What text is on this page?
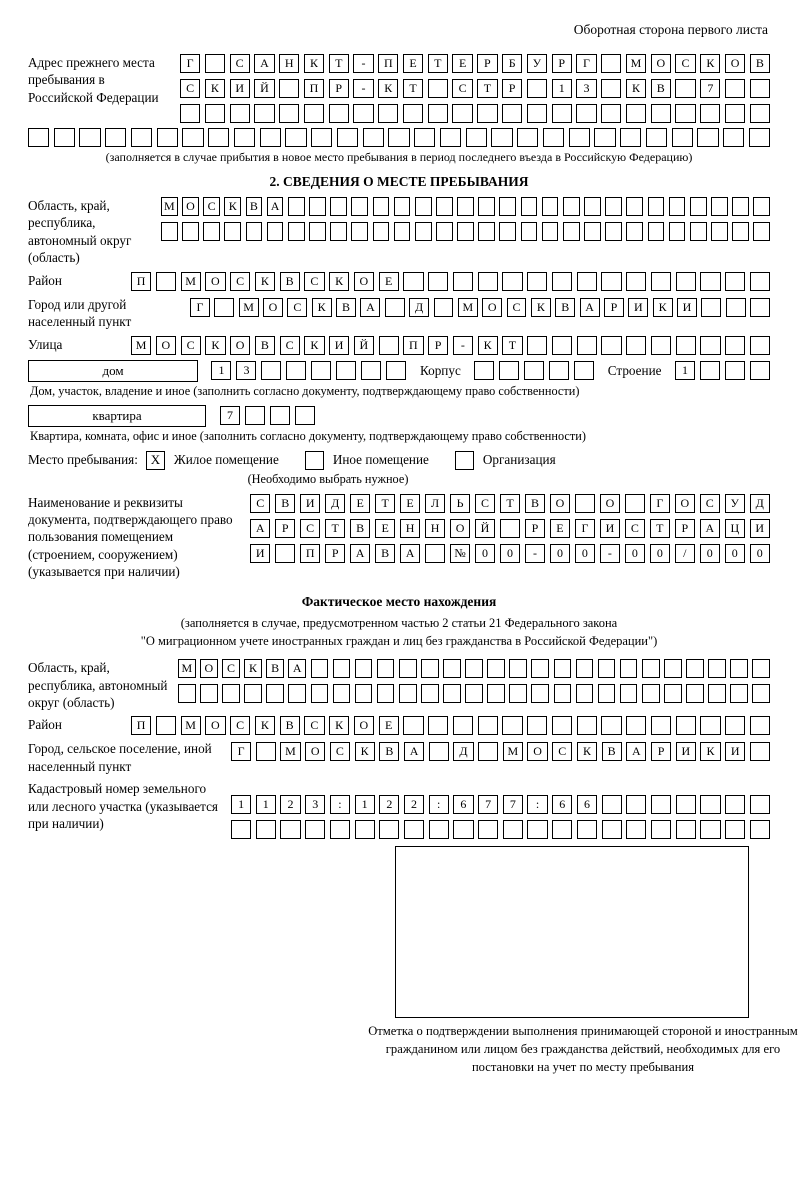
Оборотная сторона первого листа
Адрес прежнего места пребывания в Российской Федерации
Г	С	А	Н	К	Т	-	П	Е	Т	Е	Р	Б	У	Р	Г	М	О	С	К	О	В
С	К	И	Й	П	Р	-	К	Т	С	Т	Р	1	3	К	В	7
(заполняется в случае прибытия в новое место пребывания в период последнего въезда в Российскую Федерацию)
2. СВЕДЕНИЯ О МЕСТЕ ПРЕБЫВАНИЯ
Область, край, республика, автономный округ (область)
М О	С	К	В	А
Район	П	М	О	С	К	В	С	К	О	Е
Город или другой населенный пункт
Г	М	О	С	К	В	А	Д	М	О	С	К	В	А	Р	И	К	И
Улица	М	О	С	К	О	В	С	К	И	Й	П	Р	-	К	Т
дом	1	3	Корпус	Строение	1
Дом, участок, владение и иное (заполнить согласно документу, подтверждающему право собственности)
квартира	7
Квартира, комната, офис и иное (заполнить согласно документу, подтверждающему право собственности)
Место пребывания: X	Жилое помещение	Иное помещение	Организация
(Необходимо выбрать нужное)
Наименование и реквизиты документа, подтверждающего право пользования помещением (строением, сооружением) (указывается при наличии)
С	В	И	Д	Е	Т	Е	Л	Ь	С	Т	В	О	О	Г	О	С	У	Д
А	Р	С	Т	В	Е	Н	Н	О	Й	Р	Е	Г	И	С	Т	Р	А	Ц	И
И	П	Р	А	В	А	№	0	0	-	0	0	-	0	0	/	0	0	0
Фактическое место нахождения
(заполняется в случае, предусмотренном частью 2 статьи 21 Федерального закона
"О миграционном учете иностранных граждан и лиц без гражданства в Российской Федерации")
Область, край, республика, автономный округ (область)
М	О	С	К	В	А
Район	П	М	О	С	К	В	С	К	О	Е
Город, сельское поселение, иной населенный пункт
Г	М	О	С	К	В	А	Д	М	О	С	К	В	А	Р	И	К	И
Кадастровый номер земельного или лесного участка (указывается при наличии)
1	1	2	3	:	1	2	2	:	6	7	7	:	6	6
Отметка о подтверждении выполнения принимающей стороной и иностранным гражданином или лицом без гражданства действий, необходимых для его постановки на учет по месту пребывания
